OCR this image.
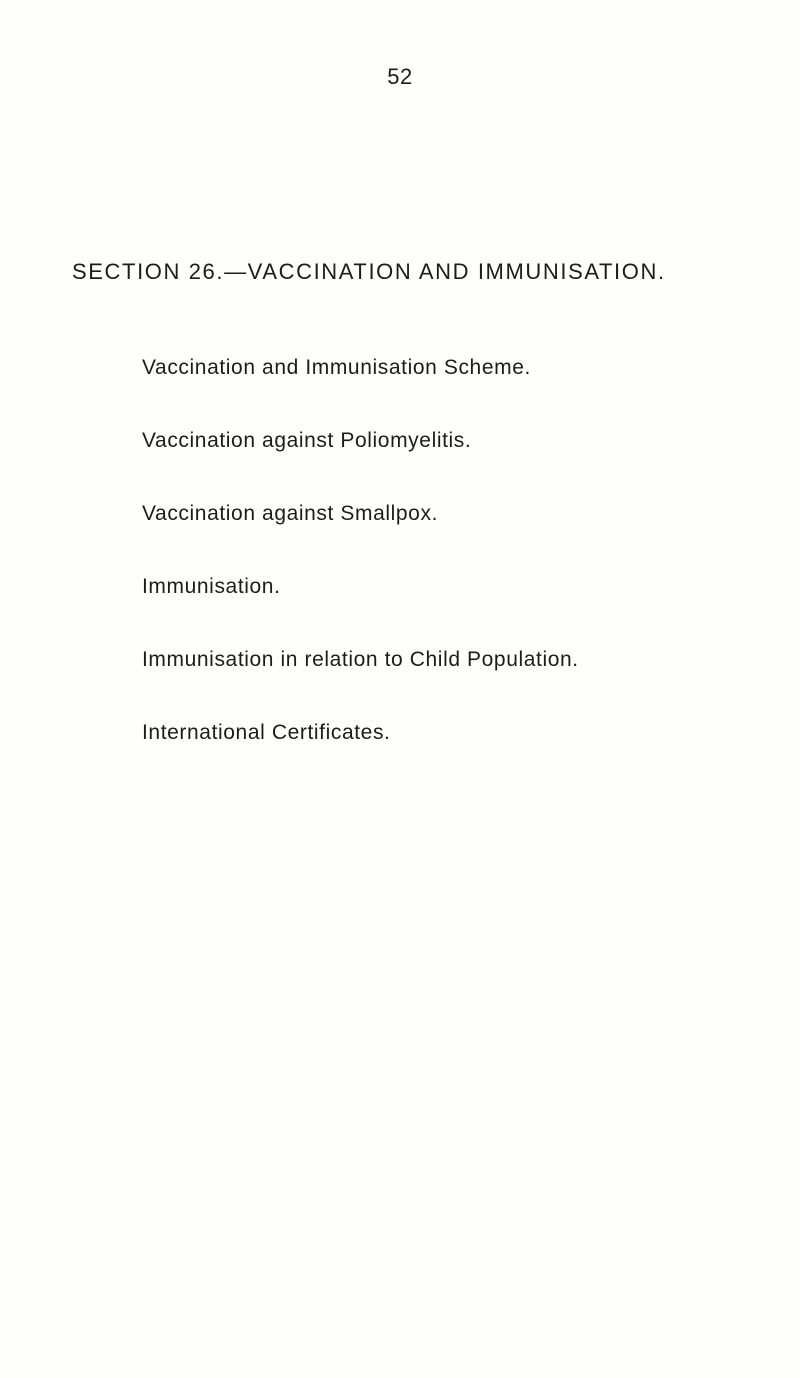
52
SECTION 26.—VACCINATION AND IMMUNISATION.
Vaccination and Immunisation Scheme.
Vaccination against Poliomyelitis.
Vaccination against Smallpox.
Immunisation.
Immunisation in relation to Child Population.
International Certificates.
